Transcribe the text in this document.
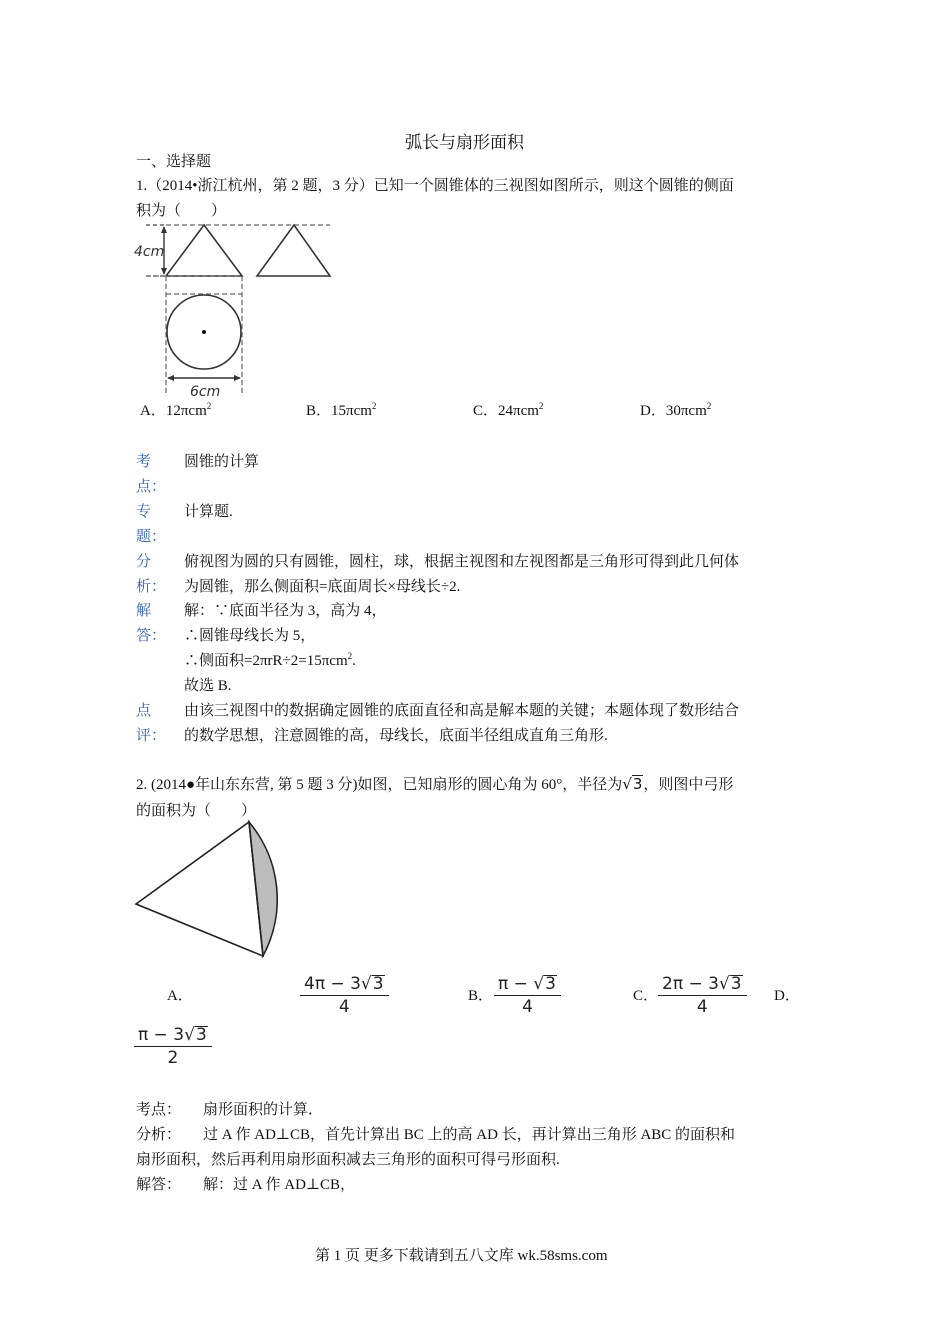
弧长与扇形面积
一、选择题
1.（2014•浙江杭州，第 2 题，3 分）已知一个圆锥体的三视图如图所示，则这个圆锥的侧面
积为（　　）
4cm
6cm
A．12πcm$^2$	B．15πcm$^2$	C．24πcm$^2$	D．30πcm$^2$
考
点：
圆锥的计算
专
题：
计算题.
分
析：
俯视图为圆的只有圆锥，圆柱，球，根据主视图和左视图都是三角形可得到此几何体
为圆锥，那么侧面积=底面周长×母线长÷2.
解
答：
解：∵底面半径为 3，高为 4，
∴圆锥母线长为 5，
∴侧面积=2πrR÷2=15πcm$^2$.
故选 B.
点
评：
由该三视图中的数据确定圆锥的底面直径和高是解本题的关键；本题体现了数形结合
的数学思想，注意圆锥的高，母线长，底面半径组成直角三角形.
2. (2014●年山东东营, 第 5 题 3 分)如图，已知扇形的圆心角为 60°，半径为√3，则图中弓形
的面积为（　　）
A．	$\frac{4\pi - 3√3}{4}$	B． $\frac{\pi - √3}{4}$	C． $\frac{2\pi - 3√3}{4}$ D．
$\frac{\pi - 3√3}{2}$
考点： 扇形面积的计算．
分析： 过 A 作 AD⊥CB，首先计算出 BC 上的高 AD 长，再计算出三角形 ABC 的面积和
扇形面积，然后再利用扇形面积减去三角形的面积可得弓形面积.
解答： 解：过 A 作 AD⊥CB，
第 1 页 更多下载请到五八文库 wk.58sms.com
